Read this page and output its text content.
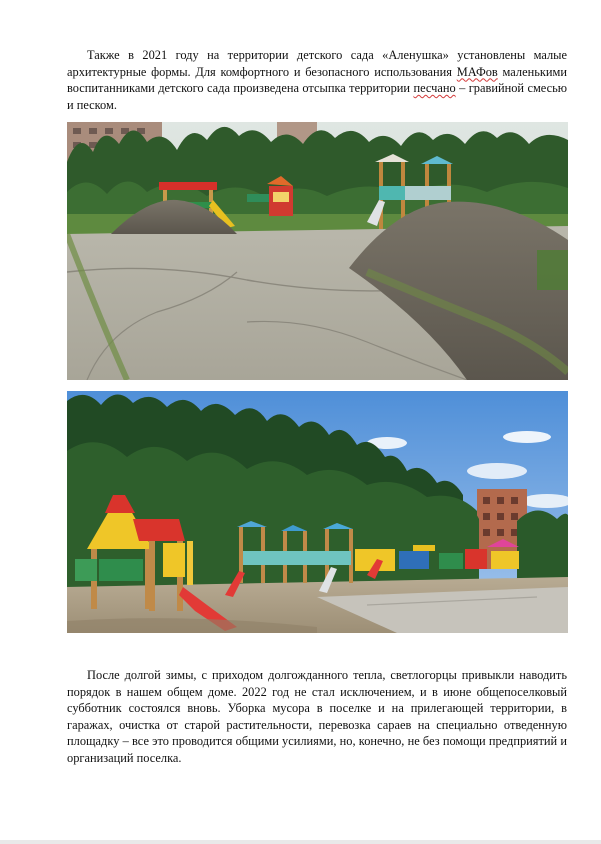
Также в 2021 году на территории детского сада «Аленушка» установлены малые архитектурные формы. Для комфортного и безопасного использования МАФов маленькими воспитанниками детского сада произведена отсыпка территории песчано – гравийной смесью и песком.

После долгой зимы, с приходом долгожданного тепла, светлогорцы привыкли наводить порядок в нашем общем доме. 2022 год не стал исключением, и в июне общепоселковый субботник состоялся вновь. Уборка мусора в поселке и на прилегающей территории, в гаражах, очистка от старой растительности, перевозка сараев на специально отведенную площадку – все это проводится общими усилиями, но, конечно, не без помощи предприятий и организаций поселка.
